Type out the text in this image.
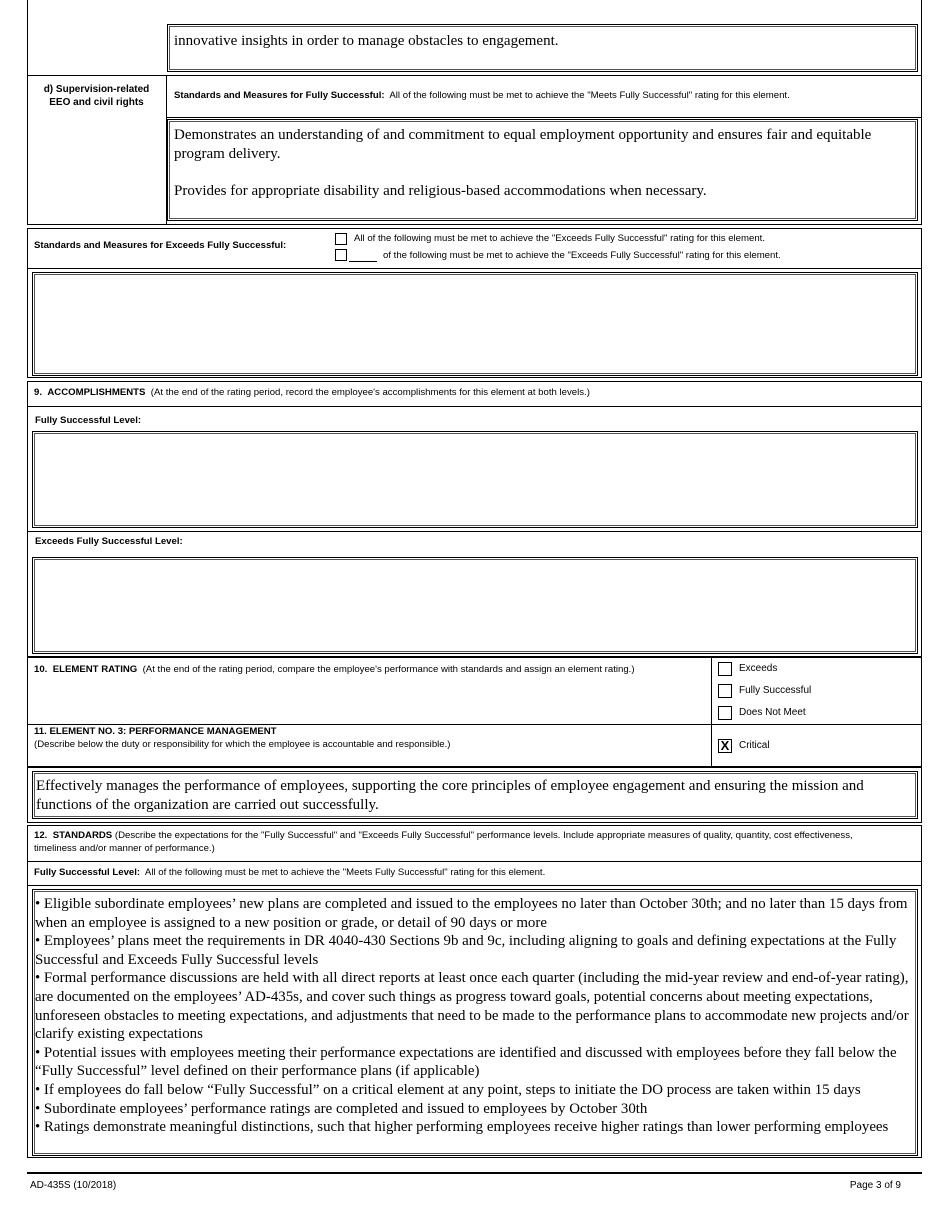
innovative insights in order to manage obstacles to engagement.
d) Supervision-related
EEO and civil rights
Standards and Measures for Fully Successful: All of the following must be met to achieve the "Meets Fully Successful" rating for this element.
Demonstrates an understanding of and commitment to equal employment opportunity and ensures fair and equitable program delivery.
Provides for appropriate disability and religious-based accommodations when necessary.
Standards and Measures for Exceeds Fully Successful:
All of the following must be met to achieve the "Exceeds Fully Successful" rating for this element.
of the following must be met to achieve the "Exceeds Fully Successful" rating for this element.
9. ACCOMPLISHMENTS (At the end of the rating period, record the employee's accomplishments for this element at both levels.)
Fully Successful Level:
Exceeds Fully Successful Level:
10. ELEMENT RATING (At the end of the rating period, compare the employee's performance with standards and assign an element rating.)	Exceeds
Fully Successful
Does Not Meet
11. ELEMENT NO. 3: PERFORMANCE MANAGEMENT
(Describe below the duty or responsibility for which the employee is accountable and responsible.)	X Critical
Effectively manages the performance of employees, supporting the core principles of employee engagement and ensuring the mission and functions of the organization are carried out successfully.
12. STANDARDS (Describe the expectations for the "Fully Successful" and "Exceeds Fully Successful" performance levels. Include appropriate measures of quality, quantity, cost effectiveness, timeliness and/or manner of performance.)
Fully Successful Level: All of the following must be met to achieve the "Meets Fully Successful" rating for this element.
• Eligible subordinate employees’ new plans are completed and issued to the employees no later than October 30th; and no later than 15 days from when an employee is assigned to a new position or grade, or detail of 90 days or more
• Employees’ plans meet the requirements in DR 4040-430 Sections 9b and 9c, including aligning to goals and defining expectations at the Fully Successful and Exceeds Fully Successful levels
• Formal performance discussions are held with all direct reports at least once each quarter (including the mid-year review and end-of-year rating), are documented on the employees’ AD-435s, and cover such things as progress toward goals, potential concerns about meeting expectations, unforeseen obstacles to meeting expectations, and adjustments that need to be made to the performance plans to accommodate new projects and/or clarify existing expectations
• Potential issues with employees meeting their performance expectations are identified and discussed with employees before they fall below the “Fully Successful” level defined on their performance plans (if applicable)
• If employees do fall below “Fully Successful” on a critical element at any point, steps to initiate the DO process are taken within 15 days
• Subordinate employees’ performance ratings are completed and issued to employees by October 30th
• Ratings demonstrate meaningful distinctions, such that higher performing employees receive higher ratings than lower performing employees
AD-435S (10/2018)	Page 3 of 9
